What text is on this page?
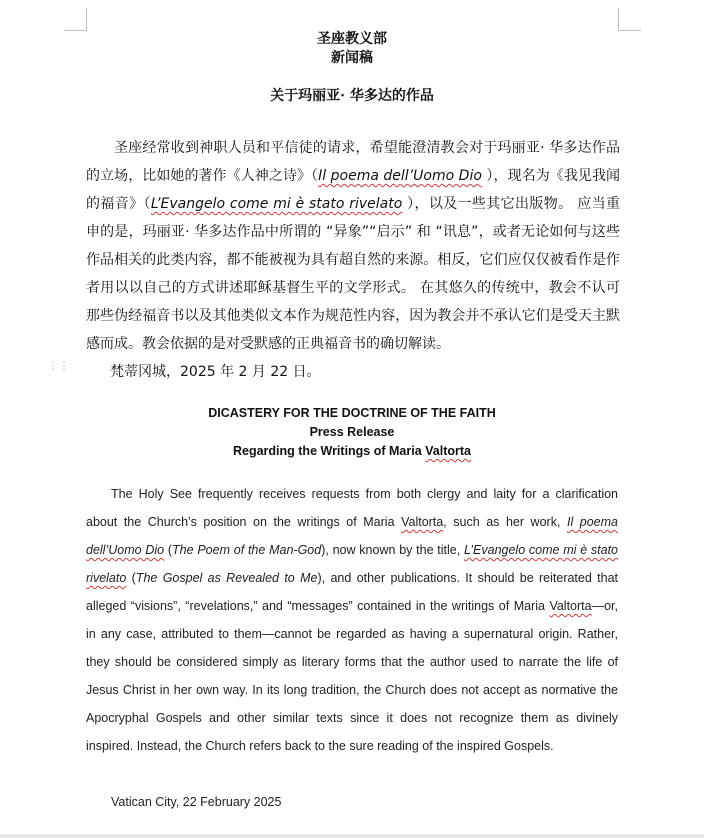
圣座教义部
新闻稿
关于玛丽亚· 华多达的作品

圣座经常收到神职人员和平信徒的请求，希望能澄清教会对于玛丽亚· 华多达作品的立场，比如她的著作《人神之诗》（Il poema dell’Uomo Dio ），现名为《我见我闻的福音》（L’Evangelo come mi è stato rivelato ），以及一些其它出版物。 应当重申的是，玛丽亚· 华多达作品中所谓的 “异象”“启示” 和 “讯息”，或者无论如何与这些作品相关的此类内容，都不能被视为具有超自然的来源。相反，它们应仅仅被看作是作者用以以自己的方式讲述耶稣基督生平的文学形式。 在其悠久的传统中，教会不认可那些伪经福音书以及其他类似文本作为规范性内容，因为教会并不承认它们是受天主默感而成。教会依据的是对受默感的正典福音书的确切解读。

⋮⋮	梵蒂冈城，2025 年 2 月 22 日。
DICASTERY FOR THE DOCTRINE OF THE FAITH
Press Release
Regarding the Writings of Maria Valtorta

The Holy See frequently receives requests from both clergy and laity for a clarification about the Church’s position on the writings of Maria Valtorta, such as her work, Il poema dell’Uomo Dio (The Poem of the Man-God), now known by the title, L’Evangelo come mi è stato rivelato (The Gospel as Revealed to Me), and other publications. It should be reiterated that alleged “visions”, “revelations,” and “messages” contained in the writings of Maria Valtorta—or, in any case, attributed to them—cannot be regarded as having a supernatural origin. Rather, they should be considered simply as literary forms that the author used to narrate the life of Jesus Christ in her own way. In its long tradition, the Church does not accept as normative the Apocryphal Gospels and other similar texts since it does not recognize them as divinely inspired. Instead, the Church refers back to the sure reading of the inspired Gospels.

Vatican City, 22 February 2025
